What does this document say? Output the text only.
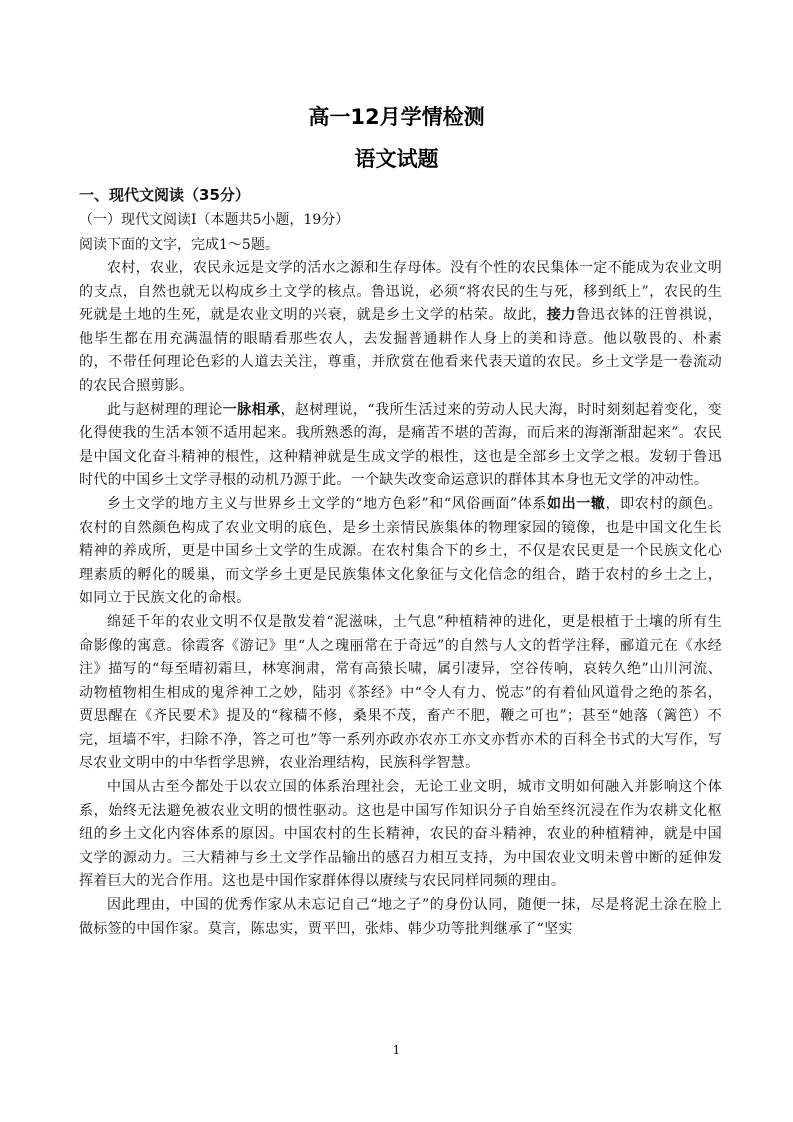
高一12月学情检测
语文试题
一、现代文阅读（35分）
（一）现代文阅读Ⅰ（本题共5小题，19分）
阅读下面的文字，完成1～5题。

农村，农业，农民永远是文学的活水之源和生存母体。没有个性的农民集体一定不能成为农业文明的支点，自然也就无以构成乡土文学的核点。鲁迅说，必须“将农民的生与死，移到纸上”，农民的生死就是土地的生死，就是农业文明的兴衰，就是乡土文学的枯荣。故此，接力鲁迅衣钵的汪曾祺说，他毕生都在用充满温情的眼睛看那些农人，去发掘普通耕作人身上的美和诗意。他以敬畏的、朴素的，不带任何理论色彩的人道去关注，尊重，并欣赏在他看来代表天道的农民。乡土文学是一卷流动的农民合照剪影。

此与赵树理的理论一脉相承，赵树理说，“我所生活过来的劳动人民大海，时时刻刻起着变化，变化得使我的生活本领不适用起来。我所熟悉的海，是痛苦不堪的苦海，而后来的海渐渐甜起来”。农民是中国文化奋斗精神的根性，这种精神就是生成文学的根性，这也是全部乡土文学之根。发轫于鲁迅时代的中国乡土文学寻根的动机乃源于此。一个缺失改变命运意识的群体其本身也无文学的冲动性。

乡土文学的地方主义与世界乡土文学的“地方色彩”和“风俗画面”体系如出一辙，即农村的颜色。农村的自然颜色构成了农业文明的底色，是乡土亲情民族集体的物理家园的镜像，也是中国文化生长精神的养成所，更是中国乡土文学的生成源。在农村集合下的乡土，不仅是农民更是一个民族文化心理素质的孵化的暖巢，而文学乡土更是民族集体文化象征与文化信念的组合，踏于农村的乡土之上，如同立于民族文化的命根。

绵延千年的农业文明不仅是散发着“泥滋味，土气息”种植精神的进化，更是根植于土壤的所有生命影像的寓意。徐霞客《游记》里“人之瑰丽常在于奇远”的自然与人文的哲学注释，郦道元在《水经注》描写的“每至晴初霜旦，林寒涧肃，常有高猿长啸，属引凄异，空谷传响，哀转久绝”山川河流、动物植物相生相成的鬼斧神工之妙，陆羽《茶经》中“令人有力、悦志”的有着仙风道骨之绝的茶名，贾思醒在《齐民要术》提及的“稼穑不修，桑果不茂，畜产不肥，鞭之可也”；甚至“她落（篱笆）不完，垣墙不牢，扫除不净，答之可也”等一系列亦政亦农亦工亦文亦哲亦术的百科全书式的大写作，写尽农业文明中的中华哲学思辨，农业治理结构，民族科学智慧。

中国从古至今都处于以农立国的体系治理社会，无论工业文明，城市文明如何融入并影响这个体系，始终无法避免被农业文明的惯性驱动。这也是中国写作知识分子自始至终沉浸在作为农耕文化枢纽的乡土文化内容体系的原因。中国农村的生长精神，农民的奋斗精神，农业的种植精神，就是中国文学的源动力。三大精神与乡土文学作品输出的感召力相互支持，为中国农业文明未曾中断的延伸发挥着巨大的光合作用。这也是中国作家群体得以赓续与农民同样同频的理由。

因此理由，中国的优秀作家从未忘记自己“地之子”的身份认同，随便一抹，尽是将泥土涂在脸上做标签的中国作家。莫言，陈忠实，贾平凹，张炜、韩少功等批判继承了“坚实

1
